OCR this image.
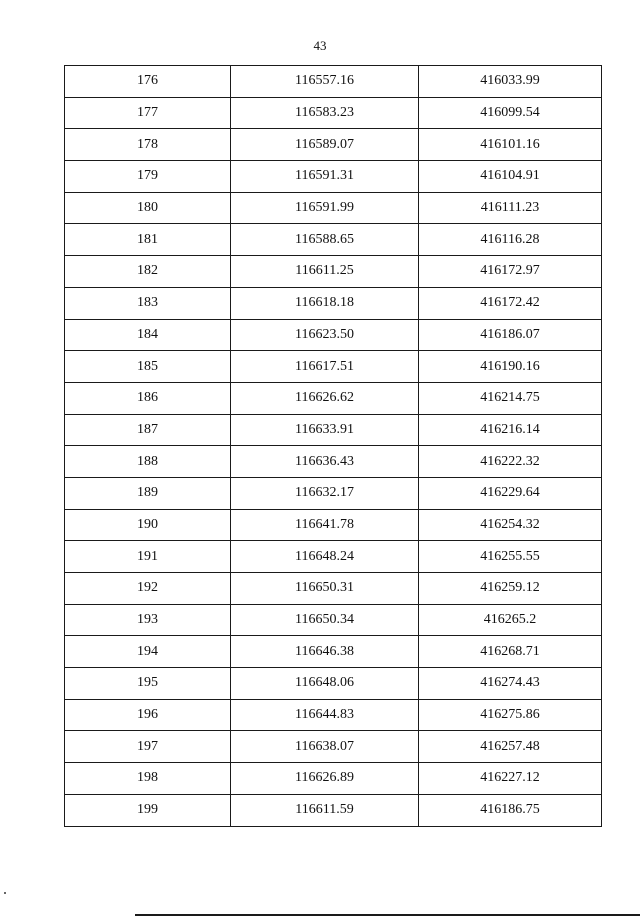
43
176	116557.16	416033.99
177	116583.23	416099.54
178	116589.07	416101.16
179	116591.31	416104.91
180	116591.99	416111.23
181	116588.65	416116.28
182	116611.25	416172.97
183	116618.18	416172.42
184	116623.50	416186.07
185	116617.51	416190.16
186	116626.62	416214.75
187	116633.91	416216.14
188	116636.43	416222.32
189	116632.17	416229.64
190	116641.78	416254.32
191	116648.24	416255.55
192	116650.31	416259.12
193	116650.34	416265.2
194	116646.38	416268.71
195	116648.06	416274.43
196	116644.83	416275.86
197	116638.07	416257.48
198	116626.89	416227.12
199	116611.59	416186.75
